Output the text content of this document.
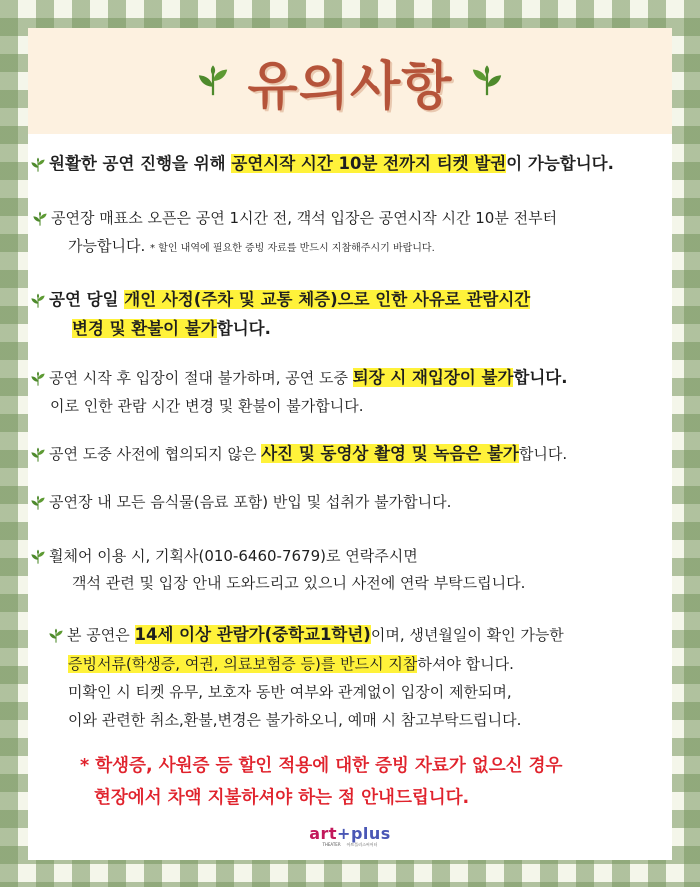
유의사항
원활한 공연 진행을 위해 공연시작 시간 10분 전까지 티켓 발권이 가능합니다.
공연장 매표소 오픈은 공연 1시간 전, 객석 입장은 공연시작 시간 10분 전부터
가능합니다. * 할인 내역에 필요한 증빙 자료를 반드시 지참해주시기 바랍니다.
공연 당일 개인 사정(주차 및 교통 체증)으로 인한 사유로 관람시간
변경 및 환불이 불가합니다.
공연 시작 후 입장이 절대 불가하며, 공연 도중 퇴장 시 재입장이 불가합니다.
이로 인한 관람 시간 변경 및 환불이 불가합니다.
공연 도중 사전에 협의되지 않은 사진 및 동영상 촬영 및 녹음은 불가합니다.
공연장 내 모든 음식물(음료 포함) 반입 및 섭취가 불가합니다.
휠체어 이용 시, 기획사(010-6460-7679)로 연락주시면
객석 관련 및 입장 안내 도와드리고 있으니 사전에 연락 부탁드립니다.
본 공연은 14세 이상 관람가(중학교1학년)이며, 생년월일이 확인 가능한
증빙서류(학생증, 여권, 의료보험증 등)를 반드시 지참하셔야 합니다.
미확인 시 티켓 유무, 보호자 동반 여부와 관계없이 입장이 제한되며,
이와 관련한 취소,환불,변경은 불가하오니, 예매 시 참고부탁드립니다.
* 학생증, 사원증 등 할인 적용에 대한 증빙 자료가 없으신 경우
현장에서 차액 지불하셔야 하는 점 안내드립니다.
art+plus
THEATER 아트플러스씨어터
